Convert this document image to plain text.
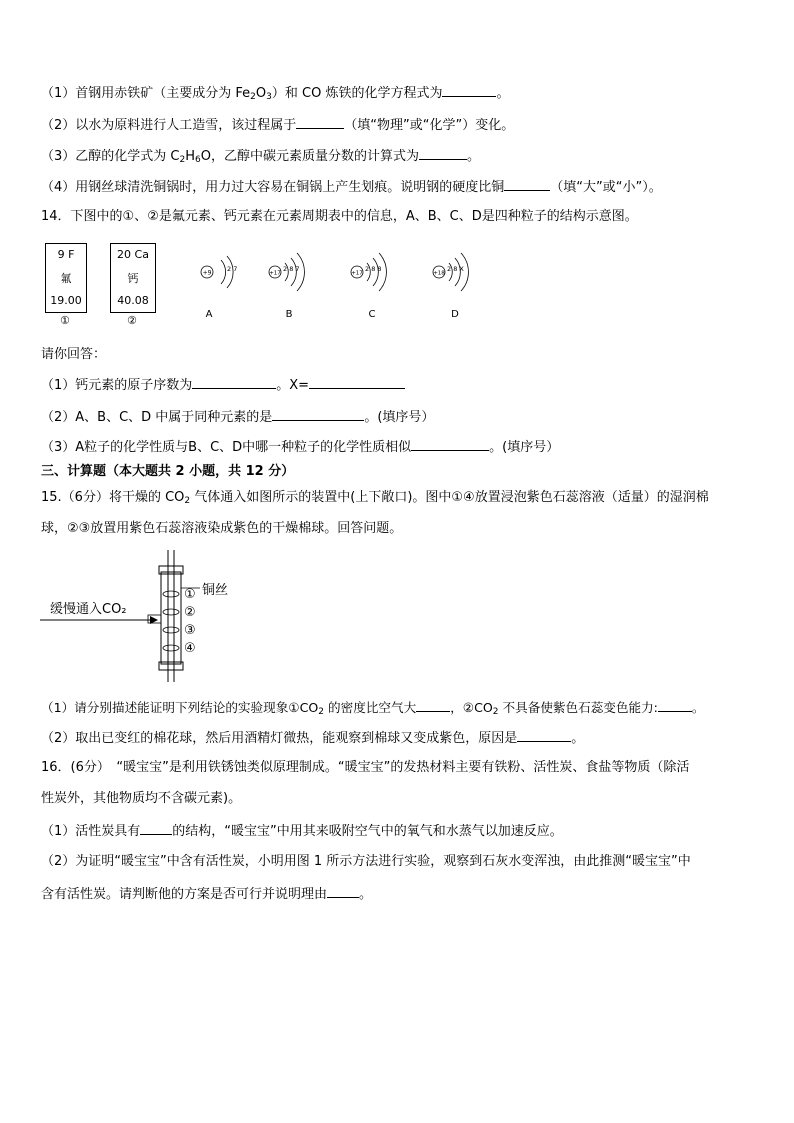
（1）首钢用赤铁矿（主要成分为 $Fe_2O_3$）和 CO 炼铁的化学方程式为	。
（2）以水为原料进行人工造雪，该过程属于	（填“物理”或“化学”）变化。
（3）乙醇的化学式为 $C_2H_6O$，乙醇中碳元素质量分数的计算式为	。
（4）用钢丝球清洗铜锅时，用力过大容易在铜锅上产生划痕。说明钢的硬度比铜	（填“大”或“小”）。
14．下图中的①、②是氟元素、钙元素在元素周期表中的信息，A、B、C、D是四种粒子的结构示意图。
9 F
氟
19.00
①
20 Ca
钙
40.08
②
+9 2 7
+17
2 8 7
+17
2 8 8
+18
2 8 X
A	B	C	D
请你回答：
（1）钙元素的原子序数为	。X=
（2）A、B、C、D 中属于同种元素的是	。(填序号）
（3）A粒子的化学性质与B、C、D中哪一种粒子的化学性质相似	。(填序号）
三、计算题（本大题共 2 小题，共 12 分）
15.（6分）将干燥的 $CO_2$ 气体通入如图所示的装置中(上下敞口)。图中①④放置浸泡紫色石蕊溶液（适量）的湿润棉
球，②③放置用紫色石蕊溶液染成紫色的干燥棉球。回答问题。
缓慢通入CO₂
铜丝
①
②
③
④
（1）请分别描述能证明下列结论的实验现象$①CO_2$ 的密度比空气大	，$②CO_2$ 不具备使紫色石蕊变色能力:	。
（2）取出已变红的棉花球，然后用酒精灯微热，能观察到棉球又变成紫色，原因是	。
16．(6分）　“暖宝宝”是利用铁锈蚀类似原理制成。“暖宝宝”的发热材料主要有铁粉、活性炭、食盐等物质（除活
性炭外，其他物质均不含碳元素)。
（1）活性炭具有 的结构，“暖宝宝”中用其来吸附空气中的氧气和水蒸气以加速反应。
（2）为证明“暖宝宝”中含有活性炭，小明用图 1 所示方法进行实验，观察到石灰水变浑浊，由此推测“暖宝宝”中
含有活性炭。请判断他的方案是否可行并说明理由 。
